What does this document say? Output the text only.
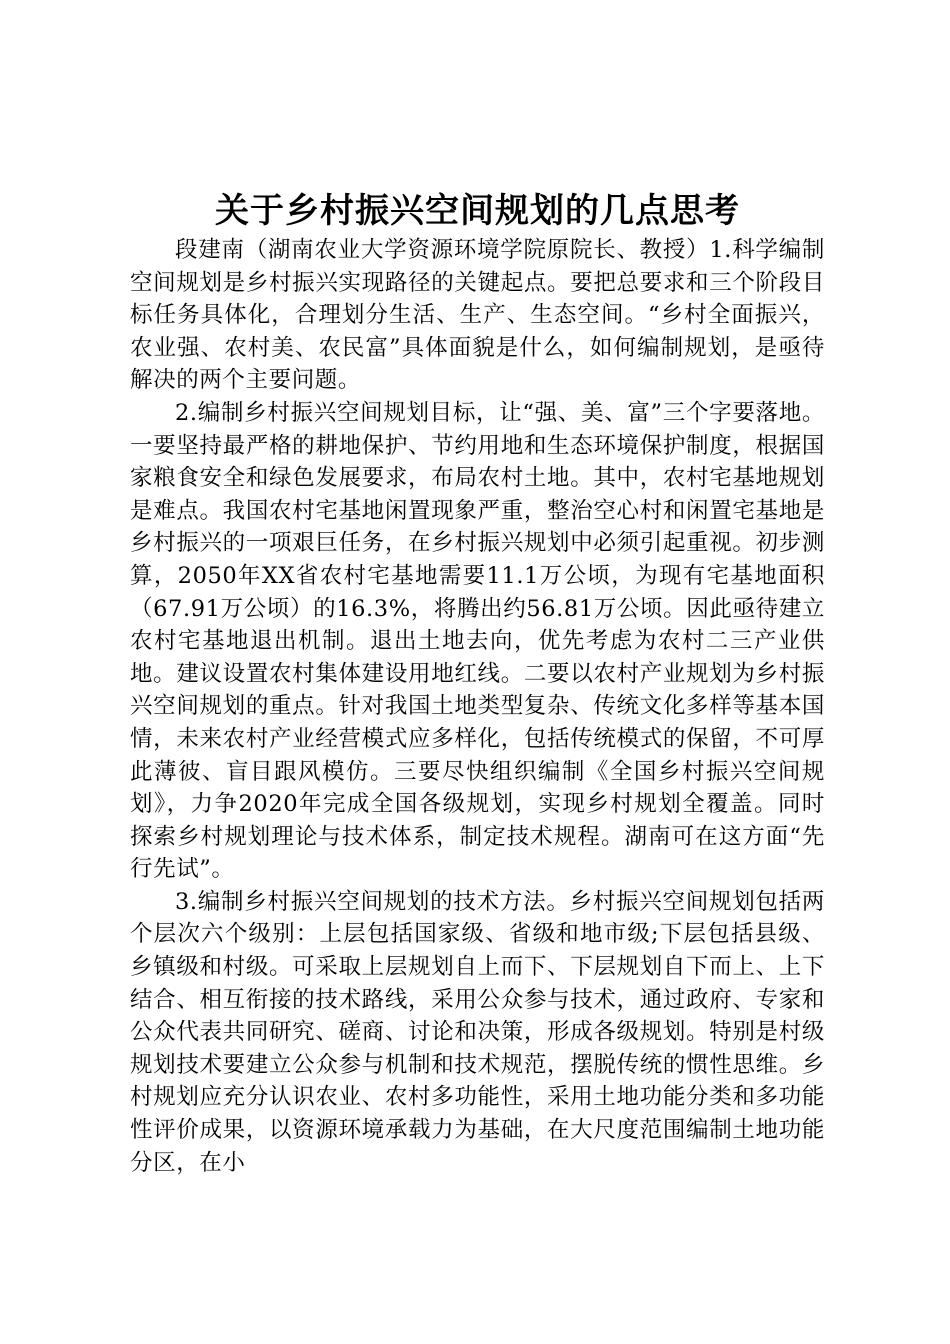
关于乡村振兴空间规划的几点思考

段建南（湖南农业大学资源环境学院原院长、教授）1.科学编制空间规划是乡村振兴实现路径的关键起点。要把总要求和三个阶段目标任务具体化，合理划分生活、生产、生态空间。“乡村全面振兴，农业强、农村美、农民富”具体面貌是什么，如何编制规划，是亟待解决的两个主要问题。

2.编制乡村振兴空间规划目标，让“强、美、富”三个字要落地。一要坚持最严格的耕地保护、节约用地和生态环境保护制度，根据国家粮食安全和绿色发展要求，布局农村土地。其中，农村宅基地规划是难点。我国农村宅基地闲置现象严重，整治空心村和闲置宅基地是乡村振兴的一项艰巨任务，在乡村振兴规划中必须引起重视。初步测算，2050年XX省农村宅基地需要11.1万公顷，为现有宅基地面积（67.91万公顷）的16.3%，将腾出约56.81万公顷。因此亟待建立农村宅基地退出机制。退出土地去向，优先考虑为农村二三产业供地。建议设置农村集体建设用地红线。二要以农村产业规划为乡村振兴空间规划的重点。针对我国土地类型复杂、传统文化多样等基本国情，未来农村产业经营模式应多样化，包括传统模式的保留，不可厚此薄彼、盲目跟风模仿。三要尽快组织编制《全国乡村振兴空间规划》，力争2020年完成全国各级规划，实现乡村规划全覆盖。同时探索乡村规划理论与技术体系，制定技术规程。湖南可在这方面“先行先试”。

3.编制乡村振兴空间规划的技术方法。乡村振兴空间规划包括两个层次六个级别：上层包括国家级、省级和地市级;下层包括县级、乡镇级和村级。可采取上层规划自上而下、下层规划自下而上、上下结合、相互衔接的技术路线，采用公众参与技术，通过政府、专家和公众代表共同研究、磋商、讨论和决策，形成各级规划。特别是村级规划技术要建立公众参与机制和技术规范，摆脱传统的惯性思维。乡村规划应充分认识农业、农村多功能性，采用土地功能分类和多功能性评价成果，以资源环境承载力为基础，在大尺度范围编制土地功能分区，在小
